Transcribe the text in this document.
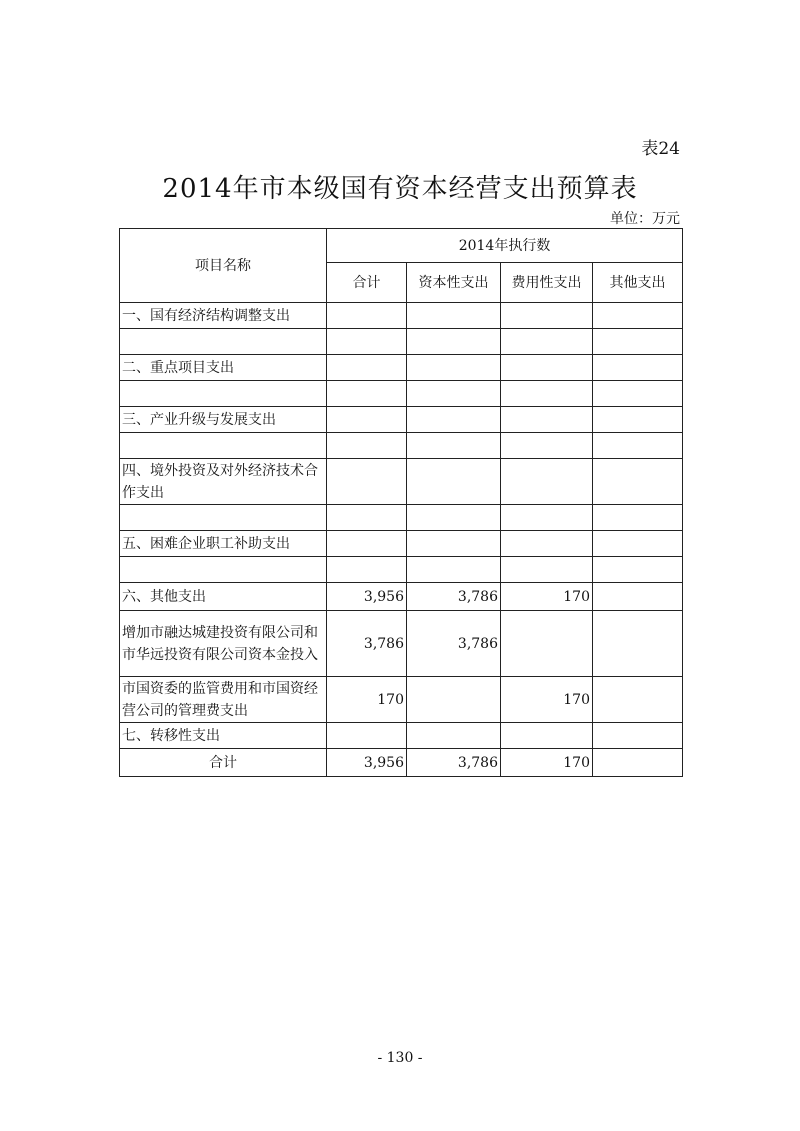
表24
2014年市本级国有资本经营支出预算表
单位：万元
项目名称	2014年执行数			
	合计	资本性支出	费用性支出	其他支出
一、国有经济结构调整支出				

二、重点项目支出				

三、产业升级与发展支出				

四、境外投资及对外经济技术合作支出				

五、困难企业职工补助支出				

六、其他支出	3,956	3,786	170	
增加市融达城建投资有限公司和市华远投资有限公司资本金投入	3,786	3,786		
市国资委的监管费用和市国资经营公司的管理费支出	170		170	
七、转移性支出				
合计	3,956	3,786	170	
- 130 -
